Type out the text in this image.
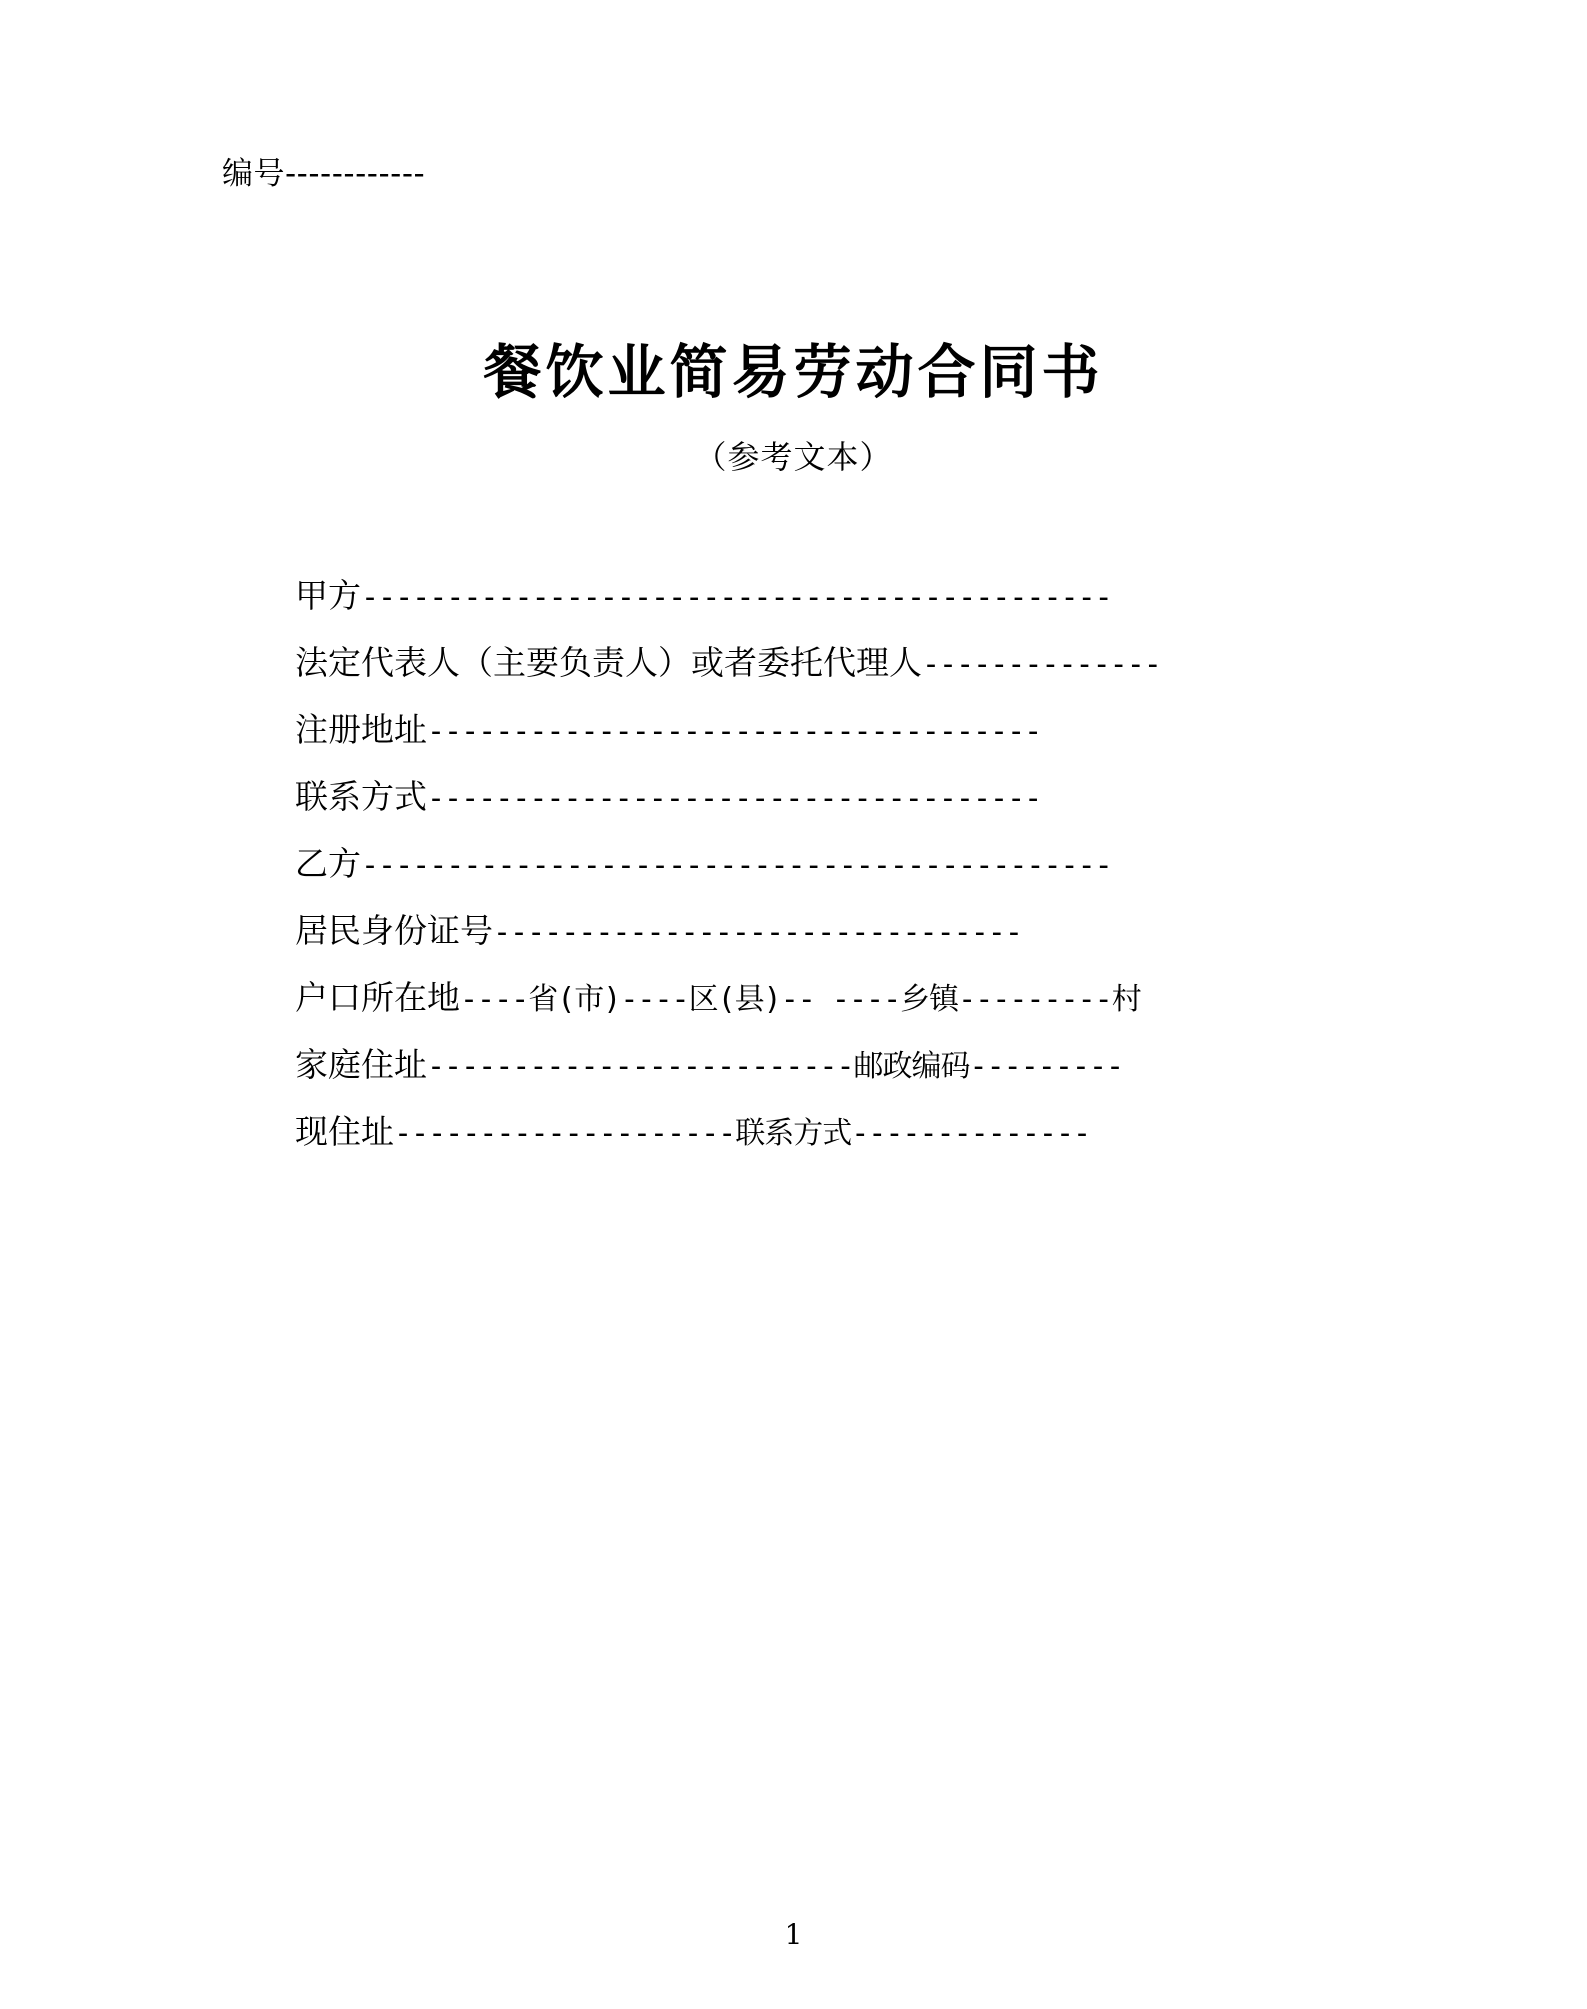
编号------------
餐饮业简易劳动合同书
（参考文本）
甲方--------------------------------------------
法定代表人（主要负责人）或者委托代理人--------------
注册地址------------------------------------
联系方式------------------------------------
乙方--------------------------------------------
居民身份证号-------------------------------
户口所在地----省(市)----区(县)-- ----乡镇---------村
家庭住址-------------------------邮政编码---------
现住址--------------------联系方式--------------
1
